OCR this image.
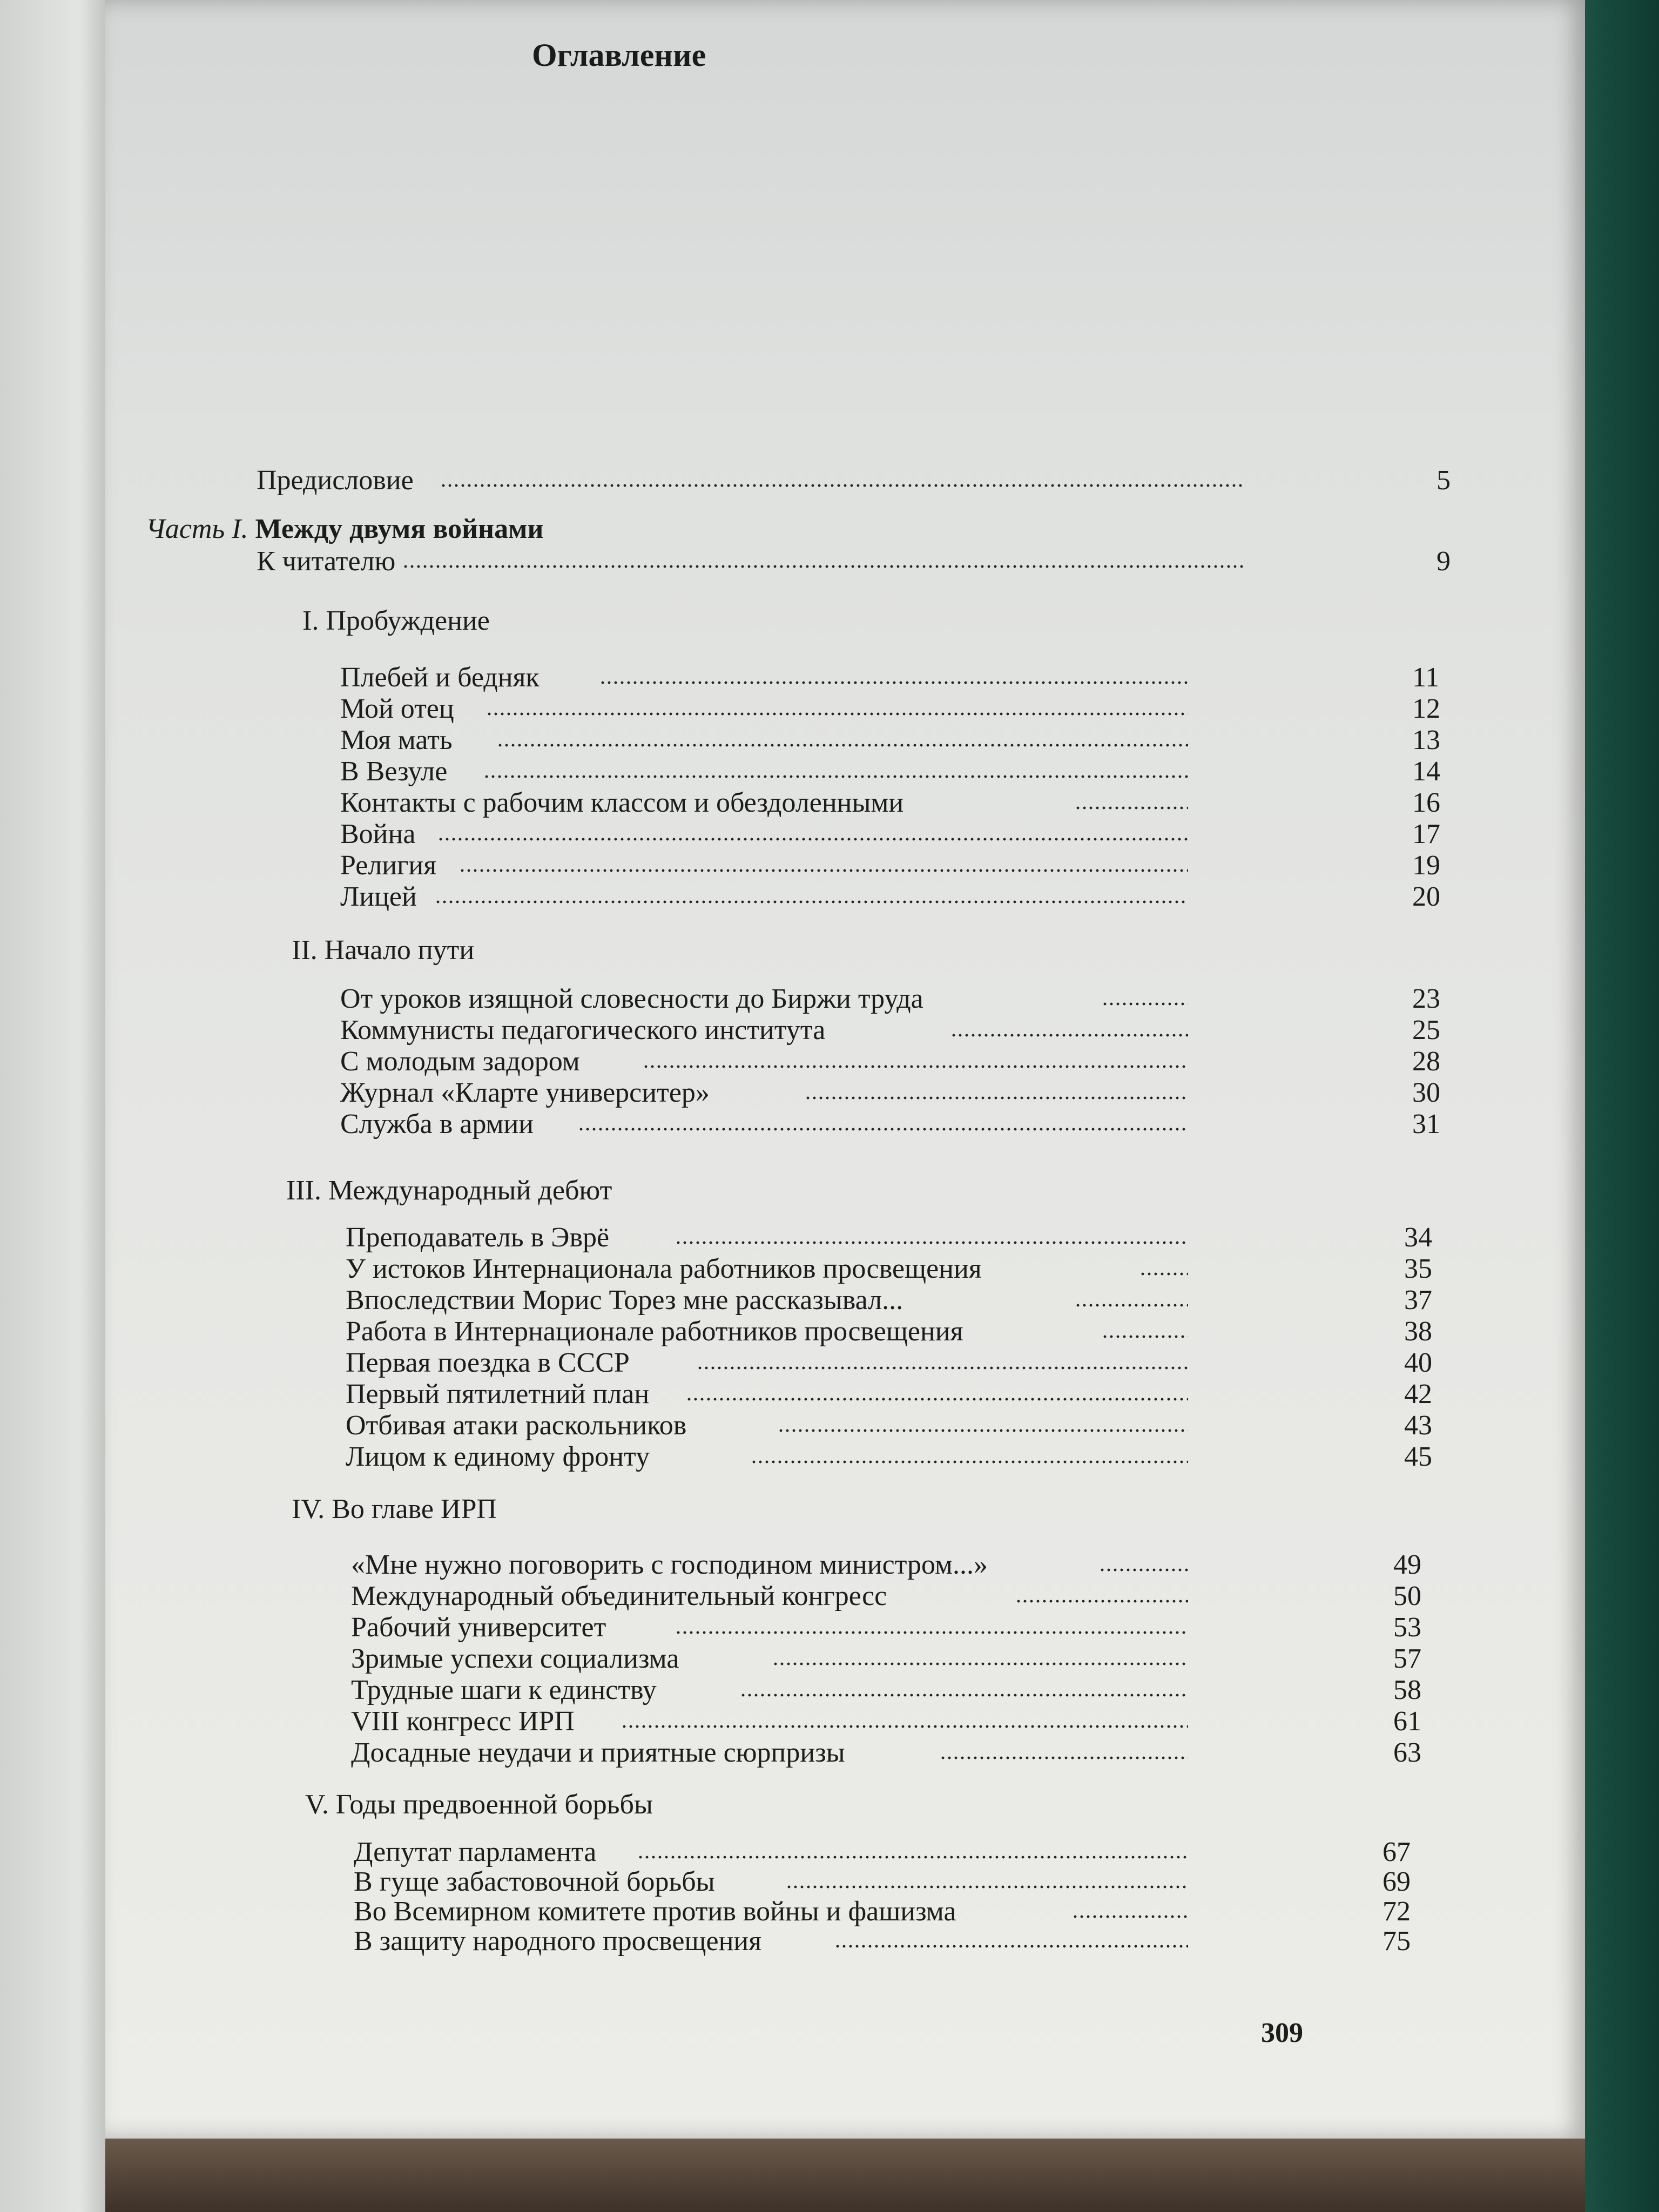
Оглавление
Предисловие	5
Часть I. Между двумя войнами
К читателю	9
I. Пробуждение
Плебей и бедняк	11
Мой отец	12
Моя мать	13
В Везуле	14
Контакты с рабочим классом и обездоленными	16
Война	17
Религия	19
Лицей	20
II. Начало пути
От уроков изящной словесности до Биржи труда	23
Коммунисты педагогического института	25
С молодым задором	28
Журнал «Кларте университер»	30
Служба в армии	31
III. Международный дебют
Преподаватель в Эврё	34
У истоков Интернационала работников просвещения	35
Впоследствии Морис Торез мне рассказывал...	37
Работа в Интернационале работников просвещения	38
Первая поездка в СССР	40
Первый пятилетний план	42
Отбивая атаки раскольников	43
Лицом к единому фронту	45
IV. Во главе ИРП
«Мне нужно поговорить с господином министром...»	49
Международный объединительный конгресс	50
Рабочий университет	53
Зримые успехи социализма	57
Трудные шаги к единству	58
VIII конгресс ИРП	61
Досадные неудачи и приятные сюрпризы	63
V. Годы предвоенной борьбы
Депутат парламента	67
В гуще забастовочной борьбы	69
Во Всемирном комитете против войны и фашизма	72
В защиту народного просвещения	75
309
